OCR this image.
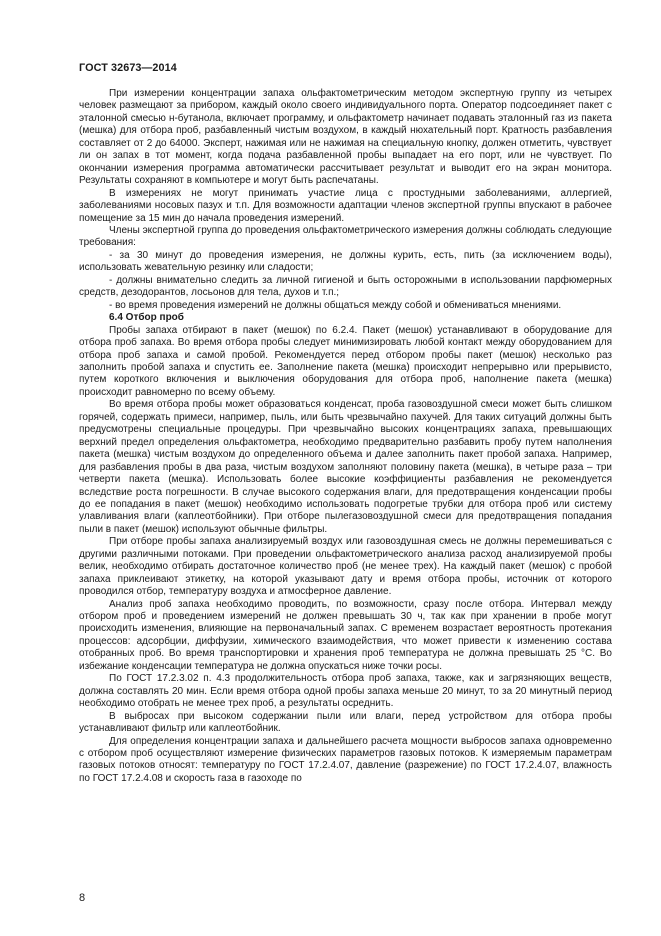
ГОСТ 32673—2014

При измерении концентрации запаха ольфактометрическим методом экспертную группу из четырех человек размещают за прибором, каждый около своего индивидуального порта. Оператор подсоединяет пакет с эталонной смесью н-бутанола, включает программу, и ольфактометр начинает подавать эталонный газ из пакета (мешка) для отбора проб, разбавленный чистым воздухом, в каждый нюхательный порт. Кратность разбавления составляет от 2 до 64000. Эксперт, нажимая или не нажимая на специальную кнопку, должен отметить, чувствует ли он запах в тот момент, когда подача разбавленной пробы выпадает на его порт, или не чувствует. По окончании измерения программа автоматически рассчитывает результат и выводит его на экран монитора. Результаты сохраняют в компьютере и могут быть распечатаны.

В измерениях не могут принимать участие лица с простудными заболеваниями, аллергией, заболеваниями носовых пазух и т.п. Для возможности адаптации членов экспертной группы впускают в рабочее помещение за 15 мин до начала проведения измерений.

Члены экспертной группа до проведения ольфактометрического измерения должны соблюдать следующие требования:

- за 30 минут до проведения измерения, не должны курить, есть, пить (за исключением воды), использовать жевательную резинку или сладости;

- должны внимательно следить за личной гигиеной и быть осторожными в использовании парфюмерных средств, дезодорантов, лосьонов для тела, духов и т.п.;

- во время проведения измерений не должны общаться между собой и обмениваться мнениями.

6.4 Отбор проб

Пробы запаха отбирают в пакет (мешок) по 6.2.4. Пакет (мешок) устанавливают в оборудование для отбора проб запаха. Во время отбора пробы следует минимизировать любой контакт между оборудованием для отбора проб запаха и самой пробой. Рекомендуется перед отбором пробы пакет (мешок) несколько раз заполнить пробой запаха и спустить ее. Заполнение пакета (мешка) происходит непрерывно или прерывисто, путем короткого включения и выключения оборудования для отбора проб, наполнение пакета (мешка) происходит равномерно по всему объему.

Во время отбора пробы может образоваться конденсат, проба газовоздушной смеси может быть слишком горячей, содержать примеси, например, пыль, или быть чрезвычайно пахучей. Для таких ситуаций должны быть предусмотрены специальные процедуры. При чрезвычайно высоких концентрациях запаха, превышающих верхний предел определения ольфактометра, необходимо предварительно разбавить пробу путем наполнения пакета (мешка) чистым воздухом до определенного объема и далее заполнить пакет пробой запаха. Например, для разбавления пробы в два раза, чистым воздухом заполняют половину пакета (мешка), в четыре раза – три четверти пакета (мешка). Использовать более высокие коэффициенты разбавления не рекомендуется вследствие роста погрешности. В случае высокого содержания влаги, для предотвращения конденсации пробы до ее попадания в пакет (мешок) необходимо использовать подогретые трубки для отбора проб или систему улавливания влаги (каплеотбойники). При отборе пылегазовоздушной смеси для предотвращения попадания пыли в пакет (мешок) используют обычные фильтры.

При отборе пробы запаха анализируемый воздух или газовоздушная смесь не должны перемешиваться с другими различными потоками. При проведении ольфактометрического анализа расход анализируемой пробы велик, необходимо отбирать достаточное количество проб (не менее трех). На каждый пакет (мешок) с пробой запаха приклеивают этикетку, на которой указывают дату и время отбора пробы, источник от которого проводился отбор, температуру воздуха и атмосферное давление.

Анализ проб запаха необходимо проводить, по возможности, сразу после отбора. Интервал между отбором проб и проведением измерений не должен превышать 30 ч, так как при хранении в пробе могут происходить изменения, влияющие на первоначальный запах. С временем возрастает вероятность протекания процессов: адсорбции, диффузии, химического взаимодействия, что может привести к изменению состава отобранных проб. Во время транспортировки и хранения проб температура не должна превышать 25 °C. Во избежание конденсации температура не должна опускаться ниже точки росы.

По ГОСТ 17.2.3.02 п. 4.3 продолжительность отбора проб запаха, также, как и загрязняющих веществ, должна составлять 20 мин. Если время отбора одной пробы запаха меньше 20 минут, то за 20 минутный период необходимо отобрать не менее трех проб, а результаты осреднить.

В выбросах при высоком содержании пыли или влаги, перед устройством для отбора пробы устанавливают фильтр или каплеотбойник.

Для определения концентрации запаха и дальнейшего расчета мощности выбросов запаха одновременно с отбором проб осуществляют измерение физических параметров газовых потоков. К измеряемым параметрам газовых потоков относят: температуру по ГОСТ 17.2.4.07, давление (разрежение) по ГОСТ 17.2.4.07, влажность по ГОСТ 17.2.4.08 и скорость газа в газоходе по

8
